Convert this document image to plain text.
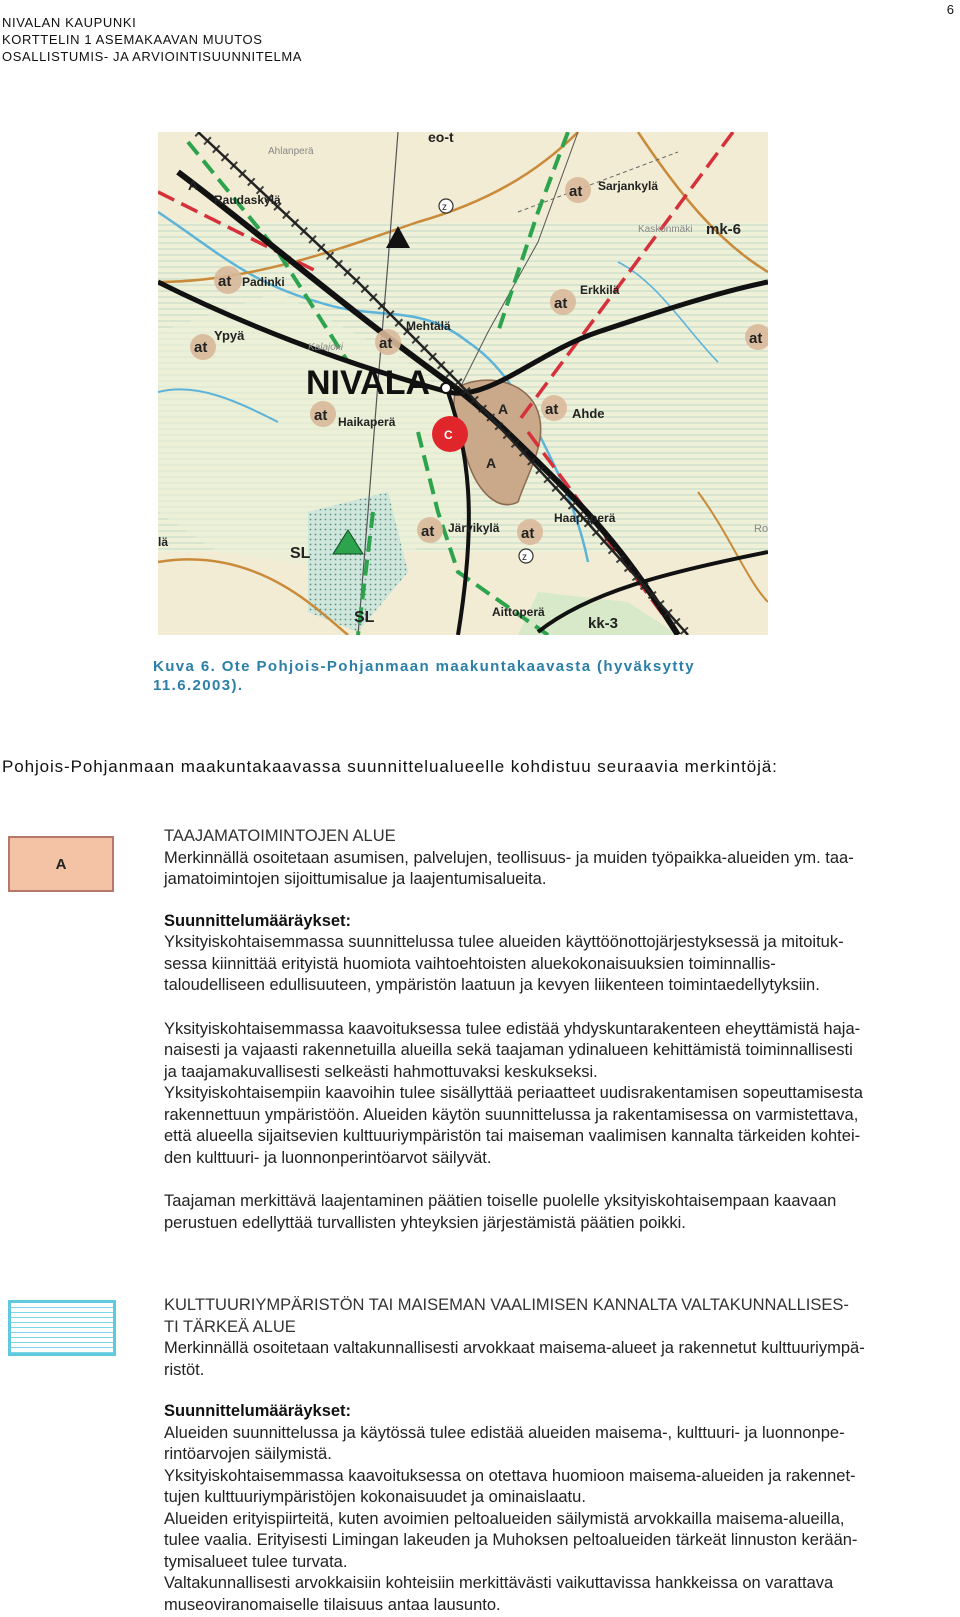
NIVALAN KAUPUNKI
KORTTELIN 1 ASEMAKAAVAN MUUTOS
OSALLISTUMIS- JA ARVIOINTISUUNNITELMA
6
eo-t
mk-6
kk-3
NIVALA
Raudaskylä
Padinki
Ypyä
Mehtälä
Haikaperä
Sarjankylä
Erkkilä
Ahde
Haapaperä
Järvikylä
Aittoperä
SL
SL
at
at	at
at
at
at
at
at	at
at
A
A
A
C
z
z
Ahlanperä
Kaskonmäki
Kalajoki
Ro
lä
Kuva 6. Ote Pohjois-Pohjanmaan maakuntakaavasta (hyväksytty
11.6.2003).
Pohjois-Pohjanmaan maakuntakaavassa suunnittelualueelle kohdistuu seuraavia merkintöjä:
A

TAAJAMATOIMINTOJEN ALUE

Merkinnällä osoitetaan asumisen, palvelujen, teollisuus- ja muiden työpaikka-alueiden ym. taa-

jamatoimintojen sijoittumisalue ja laajentumisalueita.

Suunnittelumääräykset:

Yksityiskohtaisemmassa suunnittelussa tulee alueiden käyttöönottojärjestyksessä ja mitoituk-

sessa kiinnittää erityistä huomiota vaihtoehtoisten aluekokonaisuuksien toiminnallis-

taloudelliseen edullisuuteen, ympäristön laatuun ja kevyen liikenteen toimintaedellytyksiin.

Yksityiskohtaisemmassa kaavoituksessa tulee edistää yhdyskuntarakenteen eheyttämistä haja-

naisesti ja vajaasti rakennetuilla alueilla sekä taajaman ydinalueen kehittämistä toiminnallisesti

ja taajamakuvallisesti selkeästi hahmottuvaksi keskukseksi.

Yksityiskohtaisempiin kaavoihin tulee sisällyttää periaatteet uudisrakentamisen sopeuttamisesta

rakennettuun ympäristöön. Alueiden käytön suunnittelussa ja rakentamisessa on varmistettava,

että alueella sijaitsevien kulttuuriympäristön tai maiseman vaalimisen kannalta tärkeiden kohtei-

den kulttuuri- ja luonnonperintöarvot säilyvät.

Taajaman merkittävä laajentaminen päätien toiselle puolelle yksityiskohtaisempaan kaavaan

perustuen edellyttää turvallisten yhteyksien järjestämistä päätien poikki.

KULTTUURIYMPÄRISTÖN TAI MAISEMAN VAALIMISEN KANNALTA VALTAKUNNALLISES-

TI TÄRKEÄ ALUE

Merkinnällä osoitetaan valtakunnallisesti arvokkaat maisema-alueet ja rakennetut kulttuuriympä-

ristöt.

Suunnittelumääräykset:

Alueiden suunnittelussa ja käytössä tulee edistää alueiden maisema-, kulttuuri- ja luonnonpe-

rintöarvojen säilymistä.

Yksityiskohtaisemmassa kaavoituksessa on otettava huomioon maisema-alueiden ja rakennet-

tujen kulttuuriympäristöjen kokonaisuudet ja ominaislaatu.

Alueiden erityispiirteitä, kuten avoimien peltoalueiden säilymistä arvokkailla maisema-alueilla,

tulee vaalia. Erityisesti Limingan lakeuden ja Muhoksen peltoalueiden tärkeät linnuston kerään-

tymisalueet tulee turvata.

Valtakunnallisesti arvokkaisiin kohteisiin merkittävästi vaikuttavissa hankkeissa on varattava

museoviranomaiselle tilaisuus antaa lausunto.
